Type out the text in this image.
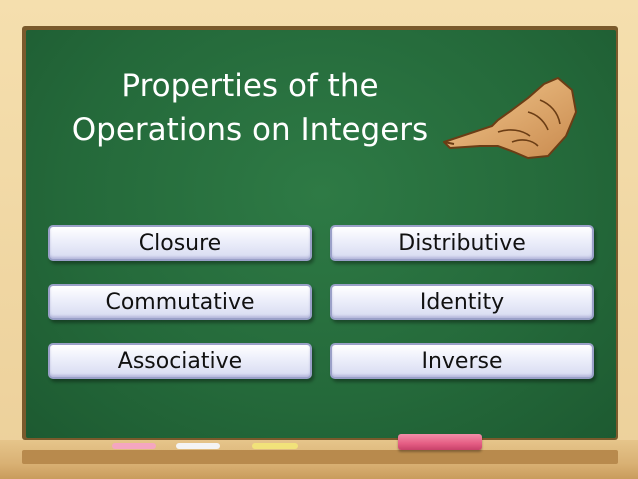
Properties of the
Operations on Integers
Closure	Distributive
Commutative	Identity
Associative	Inverse
